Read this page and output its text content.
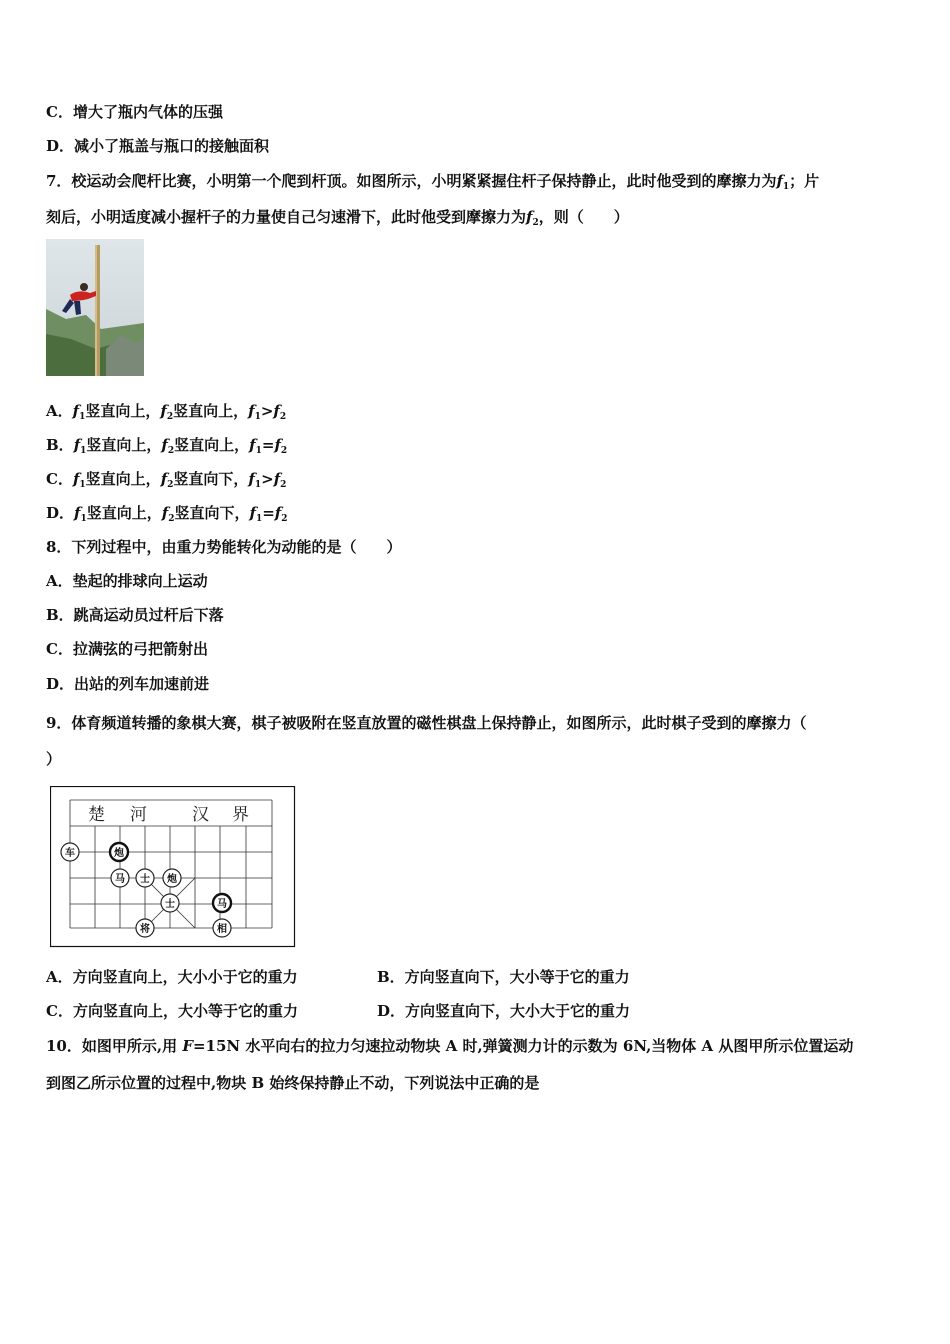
C．增大了瓶内气体的压强
D．减小了瓶盖与瓶口的接触面积
7．校运动会爬杆比赛，小明第一个爬到杆顶。如图所示，小明紧紧握住杆子保持静止，此时他受到的摩擦力为$f_1$；片
刻后，小明适度减小握杆子的力量使自己匀速滑下，此时他受到摩擦力为$f_2$，则（　　）
A．$f_1$竖直向上，$f_2$竖直向上，$f_1>f_2$
B．$f_1$竖直向上，$f_2$竖直向上，$f_1=f_2$
C．$f_1$竖直向上，$f_2$竖直向下，$f_1>f_2$
D．$f_1$竖直向上，$f_2$竖直向下，$f_1=f_2$
8．下列过程中，由重力势能转化为动能的是（　　）
A．垫起的排球向上运动
B．跳高运动员过杆后下落
C．拉满弦的弓把箭射出
D．出站的列车加速前进
9．体育频道转播的象棋大赛，棋子被吸附在竖直放置的磁性棋盘上保持静止，如图所示，此时棋子受到的摩擦力（
）
楚 河	汉 界
车	炮
马 士 炮
士	马
将	相
A．方向竖直向上，大小小于它的重力	B．方向竖直向下，大小等于它的重力
C．方向竖直向上，大小等于它的重力	D．方向竖直向下，大小大于它的重力
10．如图甲所示,用 F=15N 水平向右的拉力匀速拉动物块 A 时,弹簧测力计的示数为 6N,当物体 A 从图甲所示位置运动
到图乙所示位置的过程中,物块 B 始终保持静止不动，下列说法中正确的是
